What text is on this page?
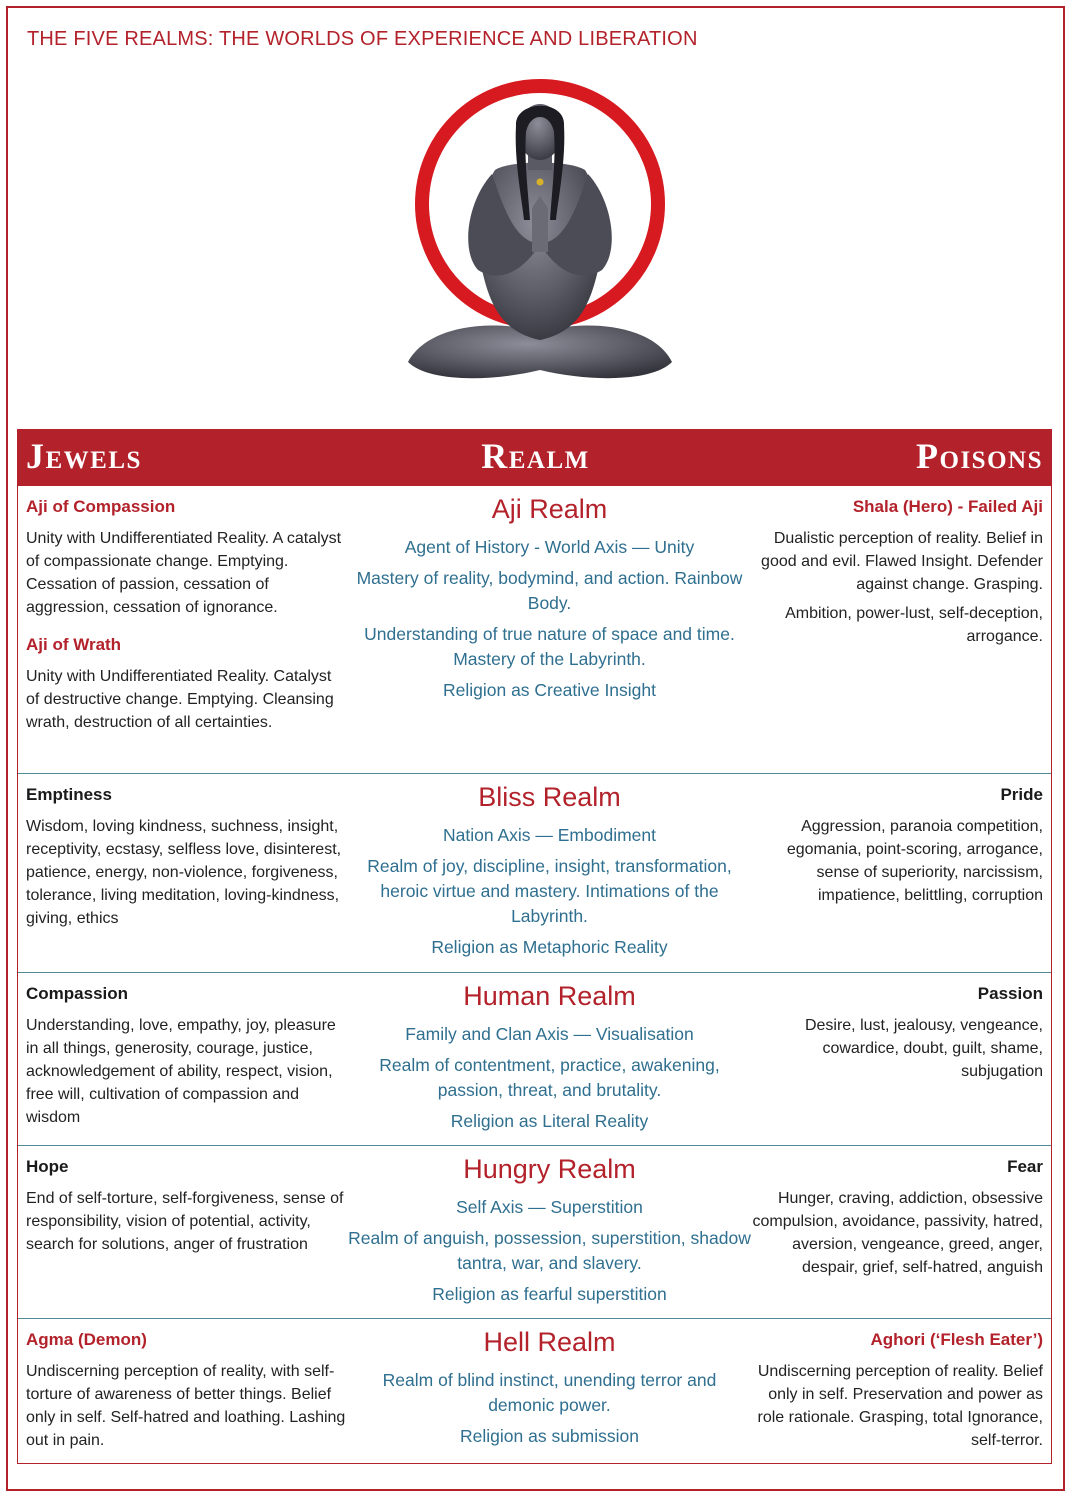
THE FIVE REALMS: THE WORLDS OF EXPERIENCE AND LIBERATION
Jewels	Realm	Poisons
Aji of Compassion
Unity with Undifferentiated Reality. A catalyst of compassionate change. Emptying. Cessation of passion, cessation of aggression, cessation of ignorance.
Aji of Wrath
Unity with Undifferentiated Reality. Catalyst of destructive change. Emptying. Cleansing wrath, destruction of all certainties.
Aji Realm
Agent of History - World Axis — Unity
Mastery of reality, bodymind, and action. Rainbow Body.
Understanding of true nature of space and time. Mastery of the Labyrinth.
Religion as Creative Insight
Shala (Hero) - Failed Aji
Dualistic perception of reality. Belief in good and evil. Flawed Insight. Defender against change. Grasping.
Ambition, power-lust, self-deception, arrogance.
Emptiness
Wisdom, loving kindness, suchness, insight, receptivity, ecstasy, selfless love, disinterest, patience, energy, non-violence, forgiveness, tolerance, living meditation, loving-kindness, giving, ethics
Bliss Realm
Nation Axis — Embodiment
Realm of joy, discipline, insight, transformation, heroic virtue and mastery. Intimations of the Labyrinth.
Religion as Metaphoric Reality
Pride
Aggression, paranoia competition, egomania, point-scoring, arrogance, sense of superiority, narcissism, impatience, belittling, corruption
Compassion
Understanding, love, empathy, joy, pleasure in all things, generosity, courage, justice, acknowledgement of ability, respect, vision, free will, cultivation of compassion and wisdom
Human Realm
Family and Clan Axis — Visualisation
Realm of contentment, practice, awakening, passion, threat, and brutality.
Religion as Literal Reality
Passion
Desire, lust, jealousy, vengeance, cowardice, doubt, guilt, shame, subjugation
Hope
End of self-torture, self-forgiveness, sense of responsibility, vision of potential, activity, search for solutions, anger of frustration
Hungry Realm
Self Axis — Superstition
Realm of anguish, possession, superstition, shadow tantra, war, and slavery.
Religion as fearful superstition
Fear
Hunger, craving, addiction, obsessive compulsion, avoidance, passivity, hatred, aversion, vengeance, greed, anger, despair, grief, self-hatred, anguish
Agma (Demon)
Undiscerning perception of reality, with self-torture of awareness of better things. Belief only in self. Self-hatred and loathing. Lashing out in pain.
Hell Realm
Realm of blind instinct, unending terror and demonic power.
Religion as submission
Aghori (‘Flesh Eater’)
Undiscerning perception of reality. Belief only in self. Preservation and power as role rationale. Grasping, total Ignorance, self-terror.
